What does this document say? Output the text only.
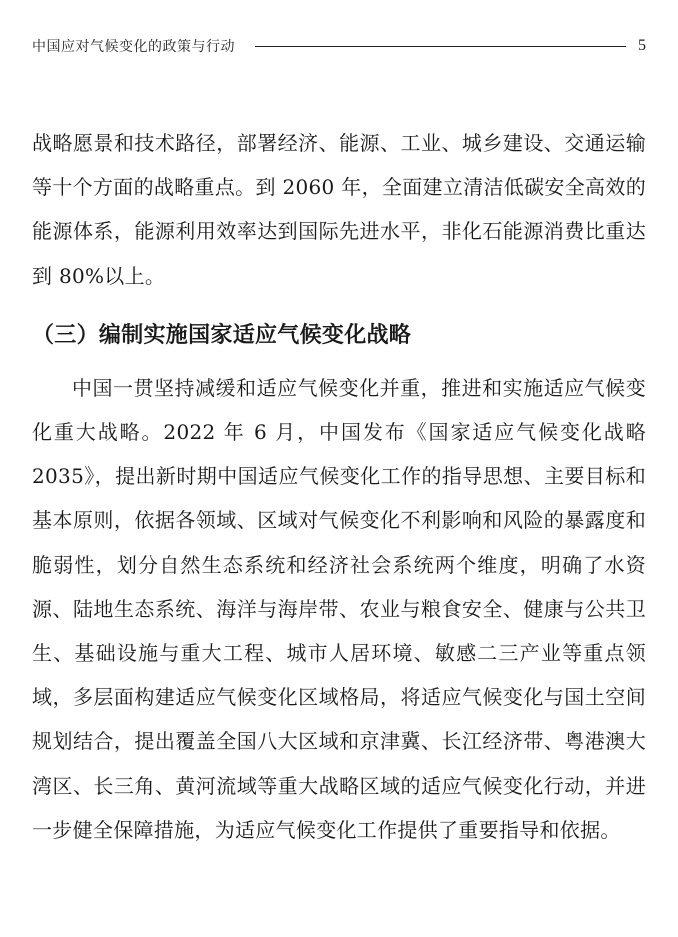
中国应对气候变化的政策与行动	5

战略愿景和技术路径，部署经济、能源、工业、城乡建设、交通运输等十个方面的战略重点。到 2060 年，全面建立清洁低碳安全高效的能源体系，能源利用效率达到国际先进水平，非化石能源消费比重达到 80%以上。

（三）编制实施国家适应气候变化战略

中国一贯坚持减缓和适应气候变化并重，推进和实施适应气候变化重大战略。2022 年 6 月，中国发布《国家适应气候变化战略 2035》，提出新时期中国适应气候变化工作的指导思想、主要目标和基本原则，依据各领域、区域对气候变化不利影响和风险的暴露度和脆弱性，划分自然生态系统和经济社会系统两个维度，明确了水资源、陆地生态系统、海洋与海岸带、农业与粮食安全、健康与公共卫生、基础设施与重大工程、城市人居环境、敏感二三产业等重点领域，多层面构建适应气候变化区域格局，将适应气候变化与国土空间规划结合，提出覆盖全国八大区域和京津冀、长江经济带、粤港澳大湾区、长三角、黄河流域等重大战略区域的适应气候变化行动，并进一步健全保障措施，为适应气候变化工作提供了重要指导和依据。
